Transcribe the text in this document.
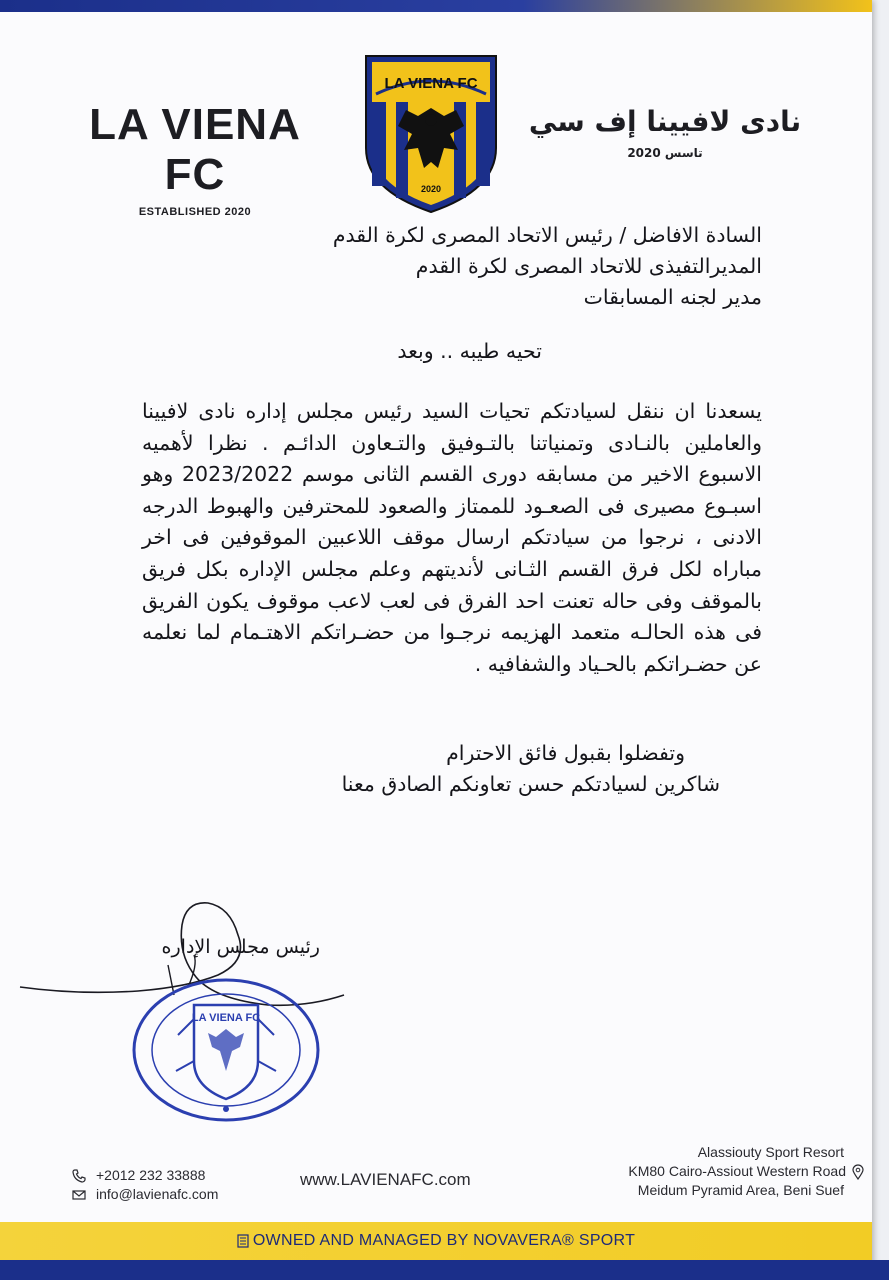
LA VIENA FC
ESTABLISHED 2020
LA VIENA FC
2020
نادى لافيينا إف سي
تاسس 2020
السادة الافاضل / رئيس الاتحاد المصرى لكرة القدم
المديرالتفيذى للاتحاد المصرى لكرة القدم
مدير لجنه المسابقات
تحيه طيبه .. وبعد
يسعدنا ان ننقل لسيادتكم تحيات السيد رئيس مجلس إداره نادى لافيينا والعاملين بالنـادى وتمنياتنا بالتـوفيق والتـعاون الدائـم . نظرا لأهميه الاسبوع الاخير من مسابقه دورى القسم الثانى موسم 2023/2022 وهو اسبـوع مصيرى فى الصعـود للممتاز والصعود للمحترفين والهبوط الدرجه الادنى ، نرجوا من سيادتكم ارسال موقف اللاعبين الموقوفين فى اخر مباراه لكل فرق القسم الثـانى لأنديتهم وعلم مجلس الإداره بكل فريق بالموقف وفى حاله تعنت احد الفرق فى لعب لاعب موقوف يكون الفريق فى هذه الحالـه متعمد الهزيمه نرجـوا من حضـراتكم الاهتـمام لما نعلمه عن حضـراتكم بالحـياد والشفافيه .
وتفضلوا بقبول فائق الاحترام
شاكرين لسيادتكم حسن تعاونكم الصادق معنا
رئيس مجلس الإداره
LA VIENA FC
+2012 232 33888
info@lavienafc.com
www.LAVIENAFC.com
Alassiouty Sport Resort
KM80 Cairo-Assiout Western Road
Meidum Pyramid Area, Beni Suef
OWNED AND MANAGED BY NOVAVERA® SPORT
